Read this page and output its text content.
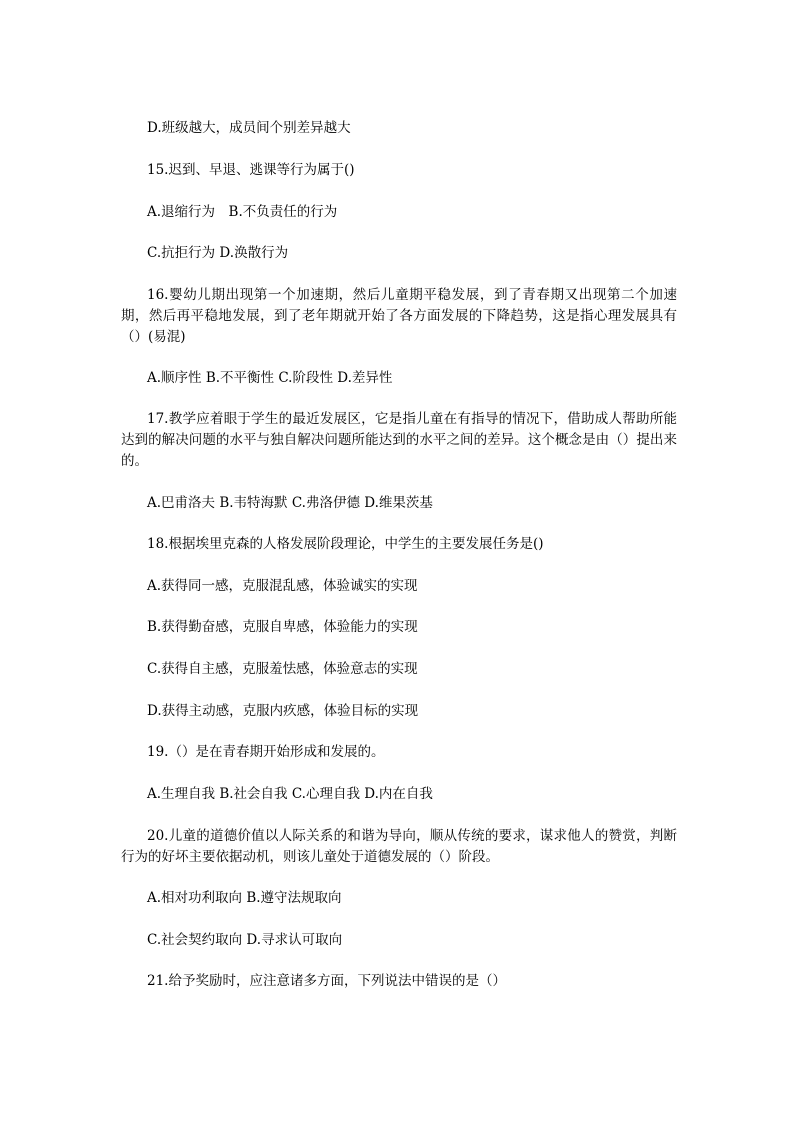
D.班级越大，成员间个别差异越大
15.迟到、早退、逃课等行为属于()
A.退缩行为　B.不负责任的行为
C.抗拒行为 D.涣散行为
16.婴幼儿期出现第一个加速期，然后儿童期平稳发展，到了青春期又出现第二个加速期，然后再平稳地发展，到了老年期就开始了各方面发展的下降趋势，这是指心理发展具有（）(易混)
A.顺序性 B.不平衡性 C.阶段性 D.差异性
17.教学应着眼于学生的最近发展区，它是指儿童在有指导的情况下，借助成人帮助所能达到的解决问题的水平与独自解决问题所能达到的水平之间的差异。这个概念是由（）提出来的。
A.巴甫洛夫 B.韦特海默 C.弗洛伊德 D.维果茨基
18.根据埃里克森的人格发展阶段理论，中学生的主要发展任务是()
A.获得同一感，克服混乱感，体验诚实的实现
B.获得勤奋感，克服自卑感，体验能力的实现
C.获得自主感，克服羞怯感，体验意志的实现
D.获得主动感，克服内疚感，体验目标的实现
19.（）是在青春期开始形成和发展的。
A.生理自我 B.社会自我 C.心理自我 D.内在自我
20.儿童的道德价值以人际关系的和谐为导向，顺从传统的要求，谋求他人的赞赏，判断行为的好坏主要依据动机，则该儿童处于道德发展的（）阶段。
A.相对功利取向 B.遵守法规取向
C.社会契约取向 D.寻求认可取向
21.给予奖励时，应注意诸多方面，下列说法中错误的是（）
